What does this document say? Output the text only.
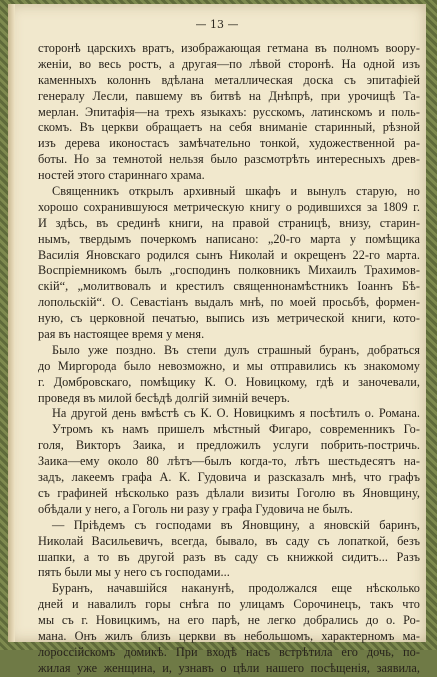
— 13 —
сторонѣ царскихъ вратъ, изображающая гетмана въ полномъ воору-
женіи, во весь ростъ, а другая—по лѣвой сторонѣ. На одной изъ
каменныхъ колоннъ вдѣлана металлическая доска съ эпитафіей
генералу Лесли, павшему въ битвѣ на Днѣпрѣ, при урочищѣ Та-
мерлан. Эпитафія—на трехъ языкахъ: русскомъ, латинскомъ и поль-
скомъ. Въ церкви обращаетъ на себя вниманіе старинный, рѣзной
изъ дерева иконостасъ замѣчательно тонкой, художественной ра-
боты. Но за темнотой нельзя было разсмотрѣть интересныхъ древ-
ностей этого стариннаго храма.
Священникъ открылъ архивный шкафъ и вынулъ старую, но
хорошо сохранившуюся метрическую книгу о родившихся за 1809 г.
И здѣсь, въ срединѣ книги, на правой страницѣ, внизу, старин-
нымъ, твердымъ почеркомъ написано: „20-го марта у помѣщика
Василія Яновскаго родился сынъ Николай и окрещенъ 22-го марта.
Воспріемникомъ былъ „господинъ полковникъ Михаилъ Трахимов-
скій“, „молитвовалъ и крестилъ священнонамѣстникъ Іоаннъ Бѣ-
лопольскій“. О. Севастіанъ выдалъ мнѣ, по моей просьбѣ, формен-
ную, съ церковной печатью, выпись изъ метрической книги, кото-
рая въ настоящее время у меня.
Было уже поздно. Въ степи дулъ страшный буранъ, добраться
до Миргорода было невозможно, и мы отправились къ знакомому
г. Домбровскаго, помѣщику К. О. Новицкому, гдѣ и заночевали,
проведя въ милой бесѣдѣ долгій зимній вечеръ.
На другой день вмѣстѣ съ К. О. Новицкимъ я посѣтилъ о. Романа.
Утромъ къ намъ пришелъ мѣстный Фигаро, современникъ Го-
голя, Викторъ Заика, и предложилъ услуги побрить-постричь.
Заика—ему около 80 лѣтъ—былъ когда-то, лѣтъ шестьдесятъ на-
задъ, лакеемъ графа А. К. Гудовича и разсказалъ мнѣ, что графъ
съ графиней нѣсколько разъ дѣлали визиты Гоголю въ Яновщину,
обѣдали у него, а Гоголь ни разу у графа Гудовича не былъ.
— Пріѣдемъ съ господами въ Яновщину, а яновскій баринъ,
Николай Васильевичъ, всегда, бывало, въ саду съ лопаткой, безъ
шапки, а то въ другой разъ въ саду съ книжкой сидитъ... Разъ
пять были мы у него съ господами...
Буранъ, начавшійся наканунѣ, продолжался еще нѣсколько
дней и навалилъ горы снѣга по улицамъ Сорочинецъ, такъ что
мы съ г. Новицкимъ, на его парѣ, не легко добрались до о. Ро-
мана. Онъ жилъ близъ церкви въ небольшомъ, характерномъ ма-
лороссійскомъ домикѣ. При входѣ насъ встрѣтила его дочь, по-
жилая уже женщина, и, узнавъ о цѣли нашего посѣщенія, заявила,
